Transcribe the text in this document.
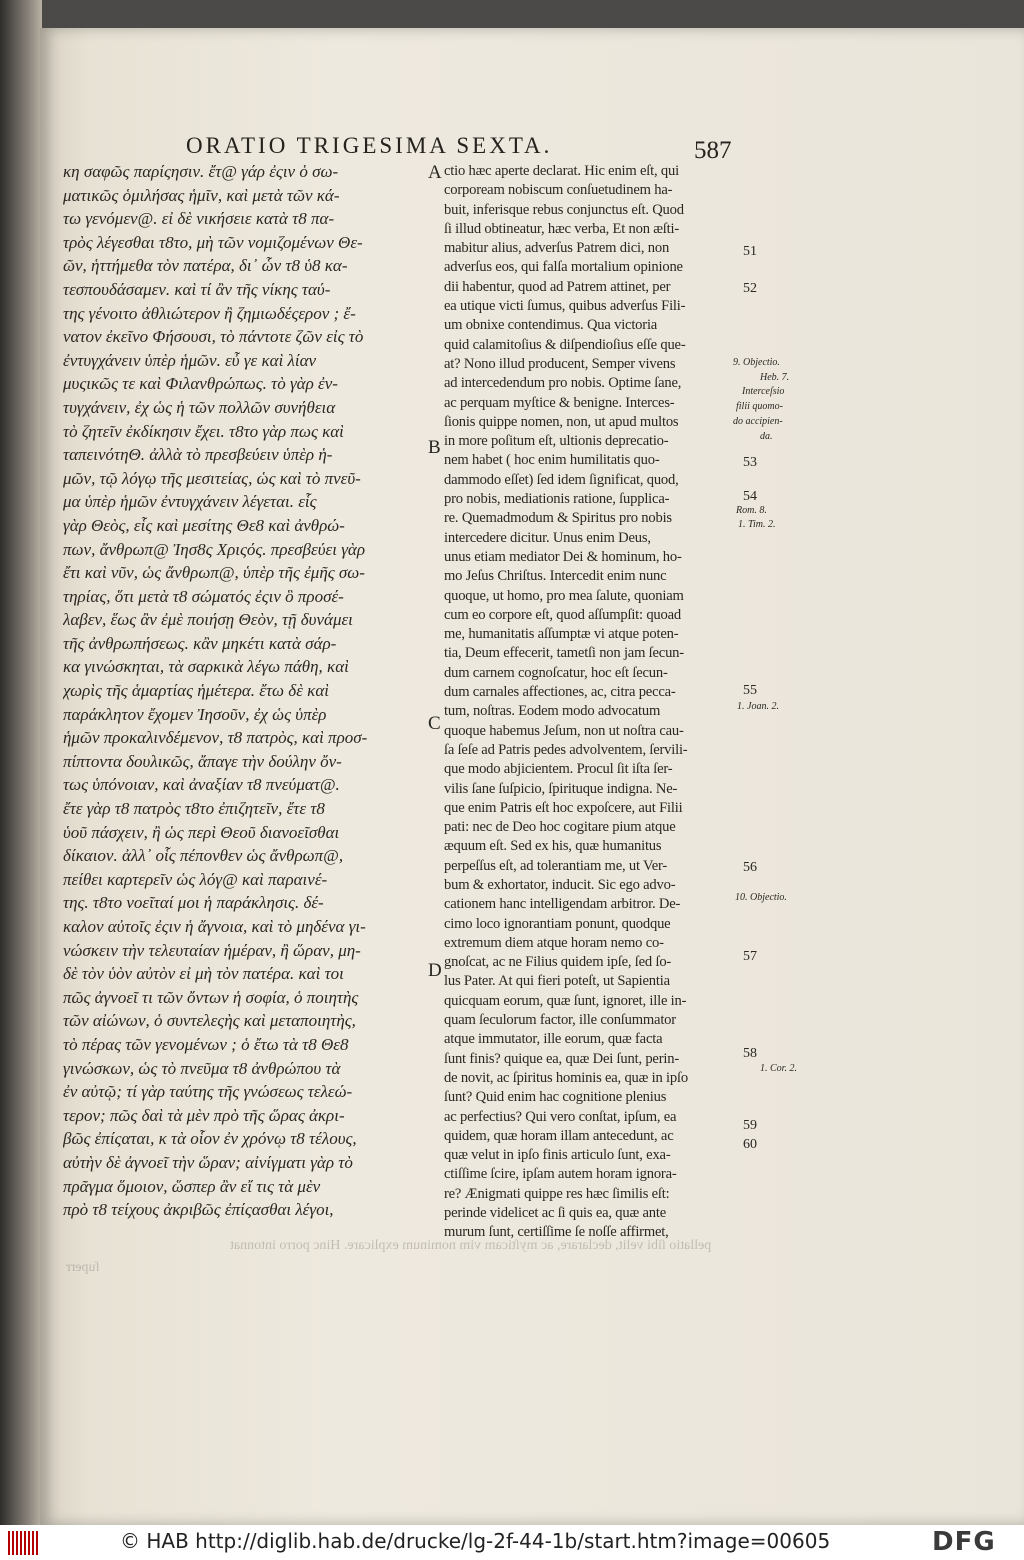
ORATIO TRIGESIMA SEXTA.	587
κη σαφῶς παρίςησιν. ἔτ@ γάρ ἐςιν ὁ σω-
ματικῶς ὁμιλήσας ἡμῖν, καὶ μετὰ τῶν κά-
τω γενόμεν@. εἰ δὲ νικήσειε κατὰ τ8 πα-
τρὸς λέγεσθαι τ8το, μὴ τῶν νομιζομένων Θε-
ῶν, ἡττήμεθα τὸν πατέρα, δι᾽ ὧν τ8 ὑ8 κα-
τεσπουδάσαμεν. καὶ τί ἂν τῆς νίκης ταύ-
της γένοιτο ἀθλιώτερον ἢ ζημιωδέςερον ; ἔ-
νατον ἐκεῖνο Φήσουσι, τὸ πάντοτε ζῶν εἰς τὸ
ἐντυγχάνειν ὑπὲρ ἡμῶν. εὖ γε καὶ λίαν
μυςικῶς τε καὶ Φιλανθρώπως. τὸ γὰρ ἐν-
τυγχάνειν, ἐχ ὡς ἡ τῶν πολλῶν συνήθεια
τὸ ζητεῖν ἐκδίκησιν ἔχει. τ8το γὰρ πως καὶ
ταπεινότηΘ. ἀλλὰ τὸ πρεσβεύειν ὑπὲρ ἡ-
μῶν, τῷ λόγῳ τῆς μεσιτείας, ὡς καὶ τὸ πνεῦ-
μα ὑπὲρ ἡμῶν ἐντυγχάνειν λέγεται. εἷς
γὰρ Θεὸς, εἷς καὶ μεσίτης Θε8 καὶ ἀνθρώ-
πων, ἄνθρωπ@ Ἰησ8ς Χριςός. πρεσβεύει γὰρ
ἔτι καὶ νῦν, ὡς ἄνθρωπ@, ὑπὲρ τῆς ἐμῆς σω-
τηρίας, ὅτι μετὰ τ8 σώματός ἐςιν ὃ προσέ-
λαβεν, ἕως ἂν ἐμὲ ποιήσῃ Θεὸν, τῇ δυνάμει
τῆς ἀνθρωπήσεως. κἂν μηκέτι κατὰ σάρ-
κα γινώσκηται, τὰ σαρκικὰ λέγω πάθη, καὶ
χωρὶς τῆς ἁμαρτίας ἡμέτερα. ἔτω δὲ καὶ
παράκλητον ἔχομεν Ἰησοῦν, ἐχ ὡς ὑπὲρ
ἡμῶν προκαλινδέμενον, τ8 πατρὸς, καὶ προσ-
πίπτοντα δουλικῶς, ἄπαγε τὴν δούλην ὄν-
τως ὑπόνοιαν, καὶ ἀναξίαν τ8 πνεύματ@.
ἔτε γὰρ τ8 πατρὸς τ8το ἐπιζητεῖν, ἔτε τ8
ὑοῦ πάσχειν, ἢ ὡς περὶ Θεοῦ διανοεῖσθαι
δίκαιον. ἀλλ᾽ οἷς πέπονθεν ὡς ἄνθρωπ@,
πείθει καρτερεῖν ὡς λόγ@ καὶ παραινέ-
της. τ8το νοεῖταί μοι ἡ παράκλησις. δέ-
καλον αὐτοῖς ἐςιν ἡ ἄγνοια, καὶ τὸ μηδένα γι-
νώσκειν τὴν τελευταίαν ἡμέραν, ἢ ὥραν, μη-
δὲ τὸν ὑὸν αὐτὸν εἰ μὴ τὸν πατέρα. καὶ τοι
πῶς ἀγνοεῖ τι τῶν ὄντων ἡ σοφία, ὁ ποιητὴς
τῶν αἰώνων, ὁ συντελεςὴς καὶ μεταποιητὴς,
τὸ πέρας τῶν γενομένων ; ὁ ἔτω τὰ τ8 Θε8
γινώσκων, ὡς τὸ πνεῦμα τ8 ἀνθρώπου τὰ
ἐν αὐτῷ; τί γὰρ ταύτης τῆς γνώσεως τελεώ-
τερον; πῶς δαὶ τὰ μὲν πρὸ τῆς ὥρας ἀκρι-
βῶς ἐπίςαται, κ τὰ οἷον ἐν χρόνῳ τ8 τέλους,
αὐτὴν δὲ ἀγνοεῖ τὴν ὥραν; αἰνίγματι γὰρ τὸ
πρᾶγμα ὅμοιον, ὥσπερ ἂν εἴ τις τὰ μὲν
πρὸ τ8 τείχους ἀκριβῶς ἐπίςασθαι λέγοι,
ctio hæc aperte declarat. Hic enim eſt, qui
corpoream nobiscum conſuetudinem ha-
buit, inferisque rebus conjunctus eſt. Quod
ſi illud obtineatur, hæc verba, Et non æſti-
mabitur alius, adverſus Patrem dici, non
adverſus eos, qui falſa mortalium opinione
dii habentur, quod ad Patrem attinet, per
ea utique victi ſumus, quibus adverſus Fili-
um obnixe contendimus. Qua victoria
quid calamitoſius & diſpendioſius eſſe que-
at? Nono illud producent, Semper vivens
ad intercedendum pro nobis. Optime ſane,
ac perquam myſtice & benigne. Interces-
ſionis quippe nomen, non, ut apud multos
in more poſitum eſt, ultionis deprecatio-
nem habet ( hoc enim humilitatis quo-
dammodo eſſet) ſed idem ſignificat, quod,
pro nobis, mediationis ratione, ſupplica-
re. Quemadmodum & Spiritus pro nobis
intercedere dicitur. Unus enim Deus,
unus etiam mediator Dei & hominum, ho-
mo Jeſus Chriſtus. Intercedit enim nunc
quoque, ut homo, pro mea ſalute, quoniam
cum eo corpore eſt, quod aſſumpſit: quoad
me, humanitatis aſſumptæ vi atque poten-
tia, Deum effecerit, tametſi non jam ſecun-
dum carnem cognoſcatur, hoc eſt ſecun-
dum carnales affectiones, ac, citra pecca-
tum, noſtras. Eodem modo advocatum
quoque habemus Jeſum, non ut noſtra cau-
ſa ſeſe ad Patris pedes advolventem, ſervili-
que modo abjicientem. Procul ſit iſta ſer-
vilis ſane ſuſpicio, ſpirituque indigna. Ne-
que enim Patris eſt hoc expoſcere, aut Filii
pati: nec de Deo hoc cogitare pium atque
æquum eſt. Sed ex his, quæ humanitus
perpeſſus eſt, ad tolerantiam me, ut Ver-
bum & exhortator, inducit. Sic ego advo-
cationem hanc intelligendam arbitror. De-
cimo loco ignorantiam ponunt, quodque
extremum diem atque horam nemo co-
gnoſcat, ac ne Filius quidem ipſe, ſed ſo-
lus Pater. At qui fieri poteſt, ut Sapientia
quicquam eorum, quæ ſunt, ignoret, ille in-
quam ſeculorum factor, ille conſummator
atque immutator, ille eorum, quæ facta
ſunt finis? quique ea, quæ Dei ſunt, perin-
de novit, ac ſpiritus hominis ea, quæ in ipſo
ſunt? Quid enim hac cognitione plenius
ac perfectius? Qui vero conſtat, ipſum, ea
quidem, quæ horam illam antecedunt, ac
quæ velut in ipſo finis articulo ſunt, exa-
ctiſſime ſcire, ipſam autem horam ignora-
re? Ænigmati quippe res hæc ſimilis eſt:
perinde videlicet ac ſi quis ea, quæ ante
murum ſunt, certiſſime ſe noſſe affirmet,
A
B
C
D
51
52
53
54
55
56
57
58
59
60
9. Objectio.
Heb. 7.
Interceſsio
filii quomo-
do accipien-
da.
Rom. 8.
1. Tim. 2.
1. Joan. 2.
10. Objectio.
1. Cor. 2.
pellatio ſibi velit, declarare, ac myſticam vim nominum explicare. Hinc porro intonnat
ſuperr
© HAB http://diglib.hab.de/drucke/lg-2f-44-1b/start.htm?image=00605	DFG
